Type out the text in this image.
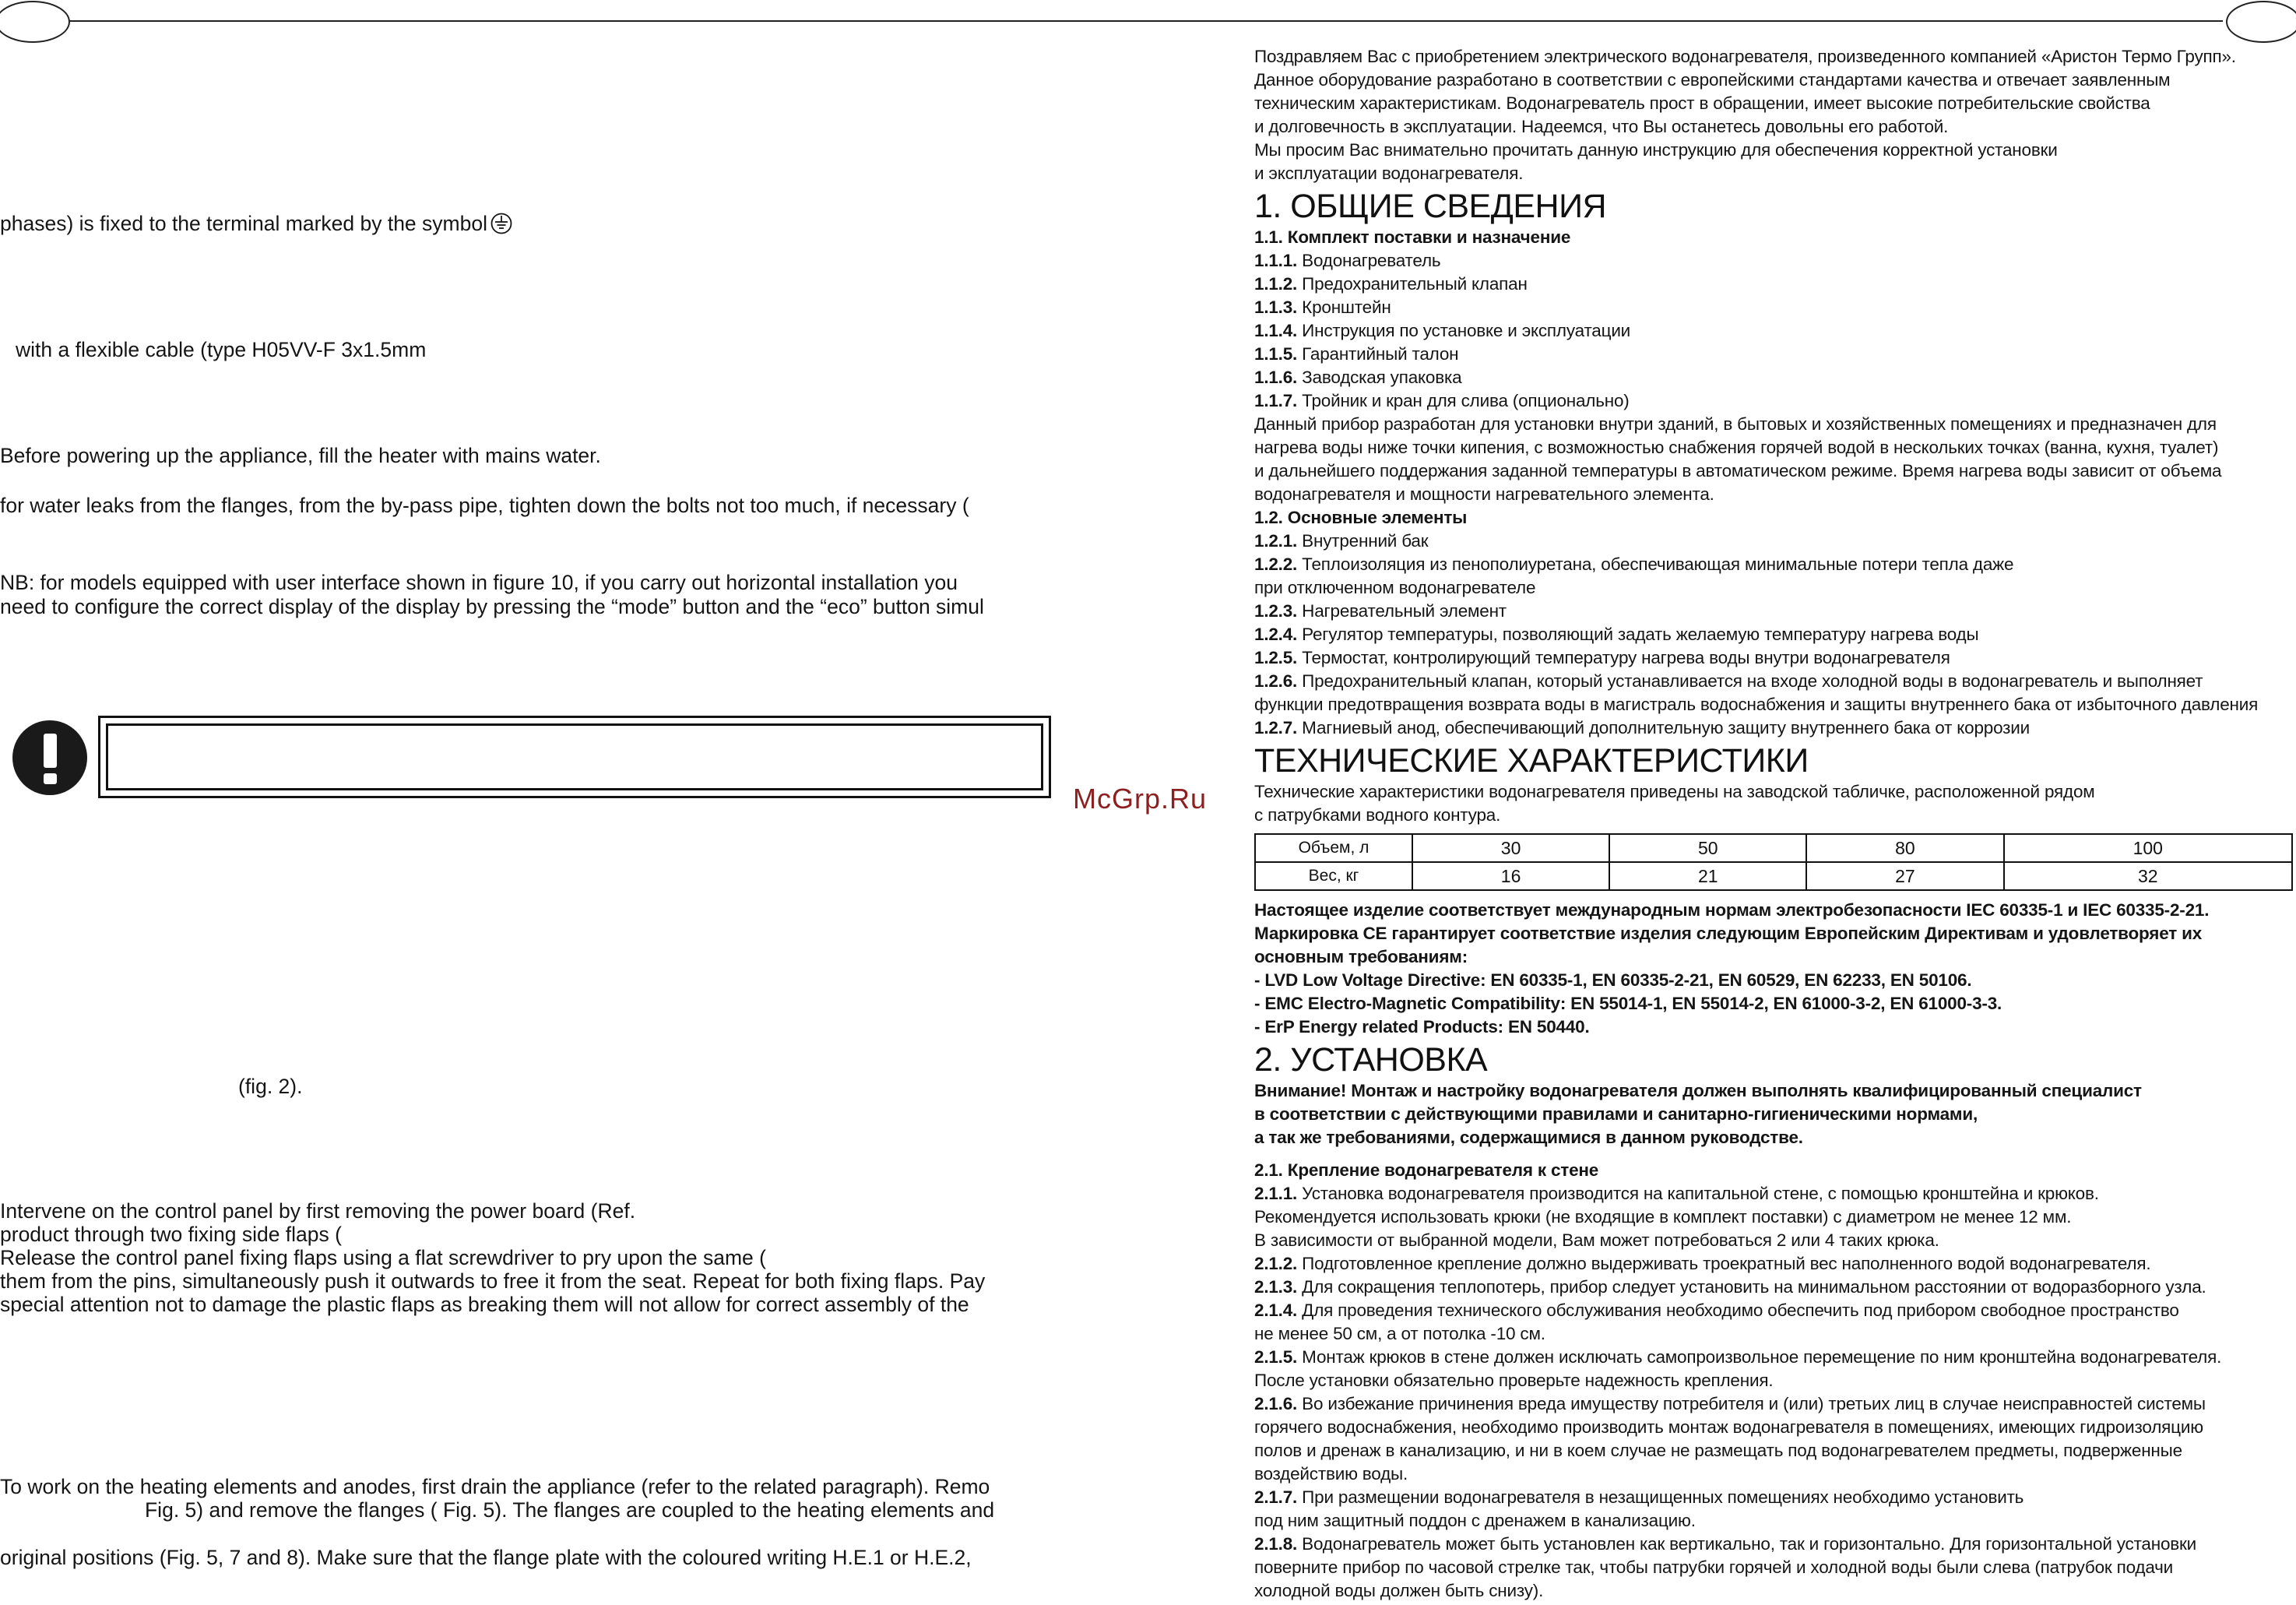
phases) is fixed to the terminal marked by the symbol
with a flexible cable (type H05VV-F 3x1.5mm
Before powering up the appliance, fill the heater with mains water.
for water leaks from the flanges, from the by-pass pipe, tighten down the bolts not too much, if necessary (
NB: for models equipped with user interface shown in figure 10, if you carry out horizontal installation you
need to configure the correct display of the display by pressing the “mode” button and the “eco” button simul
McGrp.Ru
(fig. 2).
Intervene on the control panel by first removing the power board (Ref.
product through two fixing side flaps (
Release the control panel fixing flaps using a flat screwdriver to pry upon the same (
them from the pins, simultaneously push it outwards to free it from the seat. Repeat for both fixing flaps. Pay
special attention not to damage the plastic flaps as breaking them will not allow for correct assembly of the
To work on the heating elements and anodes, first drain the appliance (refer to the related paragraph). Remo
Fig. 5) and remove the flanges ( Fig. 5). The flanges are coupled to the heating elements and
original positions (Fig. 5, 7 and 8). Make sure that the flange plate with the coloured writing H.E.1 or H.E.2,
Поздравляем Вас с приобретением электрического водонагревателя, произведенного компанией «Аристон Термо Групп».
Данное оборудование разработано в соответствии с европейскими стандартами качества и отвечает заявленным
техническим характеристикам. Водонагреватель прост в обращении, имеет высокие потребительские свойства
и долговечность в эксплуатации. Надеемся, что Вы останетесь довольны его работой.
Мы просим Вас внимательно прочитать данную инструкцию для обеспечения корректной установки
и эксплуатации водонагревателя.
1. ОБЩИЕ СВЕДЕНИЯ
1.1. Комплект поставки и назначение
1.1.1. Водонагреватель
1.1.2. Предохранительный клапан
1.1.3. Кронштейн
1.1.4. Инструкция по установке и эксплуатации
1.1.5. Гарантийный талон
1.1.6. Заводская упаковка
1.1.7. Тройник и кран для слива (опционально)
Данный прибор разработан для установки внутри зданий, в бытовых и хозяйственных помещениях и предназначен для
нагрева воды ниже точки кипения, с возможностью снабжения горячей водой в нескольких точках (ванна, кухня, туалет)
и дальнейшего поддержания заданной температуры в автоматическом режиме. Время нагрева воды зависит от объема
водонагревателя и мощности нагревательного элемента.
1.2. Основные элементы
1.2.1. Внутренний бак
1.2.2. Теплоизоляция из пенополиуретана, обеспечивающая минимальные потери тепла даже
при отключенном водонагревателе
1.2.3. Нагревательный элемент
1.2.4. Регулятор температуры, позволяющий задать желаемую температуру нагрева воды
1.2.5. Термостат, контролирующий температуру нагрева воды внутри водонагревателя
1.2.6. Предохранительный клапан, который устанавливается на входе холодной воды в водонагреватель и выполняет
функции предотвращения возврата воды в магистраль водоснабжения и защиты внутреннего бака от избыточного давления
1.2.7. Магниевый анод, обеспечивающий дополнительную защиту внутреннего бака от коррозии
ТЕХНИЧЕСКИЕ ХАРАКТЕРИСТИКИ
Технические характеристики водонагревателя приведены на заводской табличке, расположенной рядом
с патрубками водного контура.
Объем, л	30	50	80	100
Вес, кг	16	21	27	32
Настоящее изделие соответствует международным нормам электробезопасности IEC 60335-1 и IEC 60335-2-21.
Маркировка CE гарантирует соответствие изделия следующим Европейским Директивам и удовлетворяет их
основным требованиям:
- LVD Low Voltage Directive: EN 60335-1, EN 60335-2-21, EN 60529, EN 62233, EN 50106.
- EMC Electro-Magnetic Compatibility: EN 55014-1, EN 55014-2, EN 61000-3-2, EN 61000-3-3.
- ErP Energy related Products: EN 50440.
2. УСТАНОВКА
Внимание! Монтаж и настройку водонагревателя должен выполнять квалифицированный специалист
в соответствии с действующими правилами и санитарно-гигиеническими нормами,
а так же требованиями, содержащимися в данном руководстве.
2.1. Крепление водонагревателя к стене
2.1.1. Установка водонагревателя производится на капитальной стене, с помощью кронштейна и крюков.
Рекомендуется использовать крюки (не входящие в комплект поставки) с диаметром не менее 12 мм.
В зависимости от выбранной модели, Вам может потребоваться 2 или 4 таких крюка.
2.1.2. Подготовленное крепление должно выдерживать троекратный вес наполненного водой водонагревателя.
2.1.3. Для сокращения теплопотерь, прибор следует установить на минимальном расстоянии от водоразборного узла.
2.1.4. Для проведения технического обслуживания необходимо обеспечить под прибором свободное пространство
не менее 50 см, а от потолка -10 см.
2.1.5. Монтаж крюков в стене должен исключать самопроизвольное перемещение по ним кронштейна водонагревателя.
После установки обязательно проверьте надежность крепления.
2.1.6. Во избежание причинения вреда имуществу потребителя и (или) третьих лиц в случае неисправностей системы
горячего водоснабжения, необходимо производить монтаж водонагревателя в помещениях, имеющих гидроизоляцию
полов и дренаж в канализацию, и ни в коем случае не размещать под водонагревателем предметы, подверженные
воздействию воды.
2.1.7. При размещении водонагревателя в незащищенных помещениях необходимо установить
под ним защитный поддон с дренажем в канализацию.
2.1.8. Водонагреватель может быть установлен как вертикально, так и горизонтально. Для горизонтальной установки
поверните прибор по часовой стрелке так, чтобы патрубки горячей и холодной воды были слева (патрубок подачи
холодной воды должен быть снизу).
